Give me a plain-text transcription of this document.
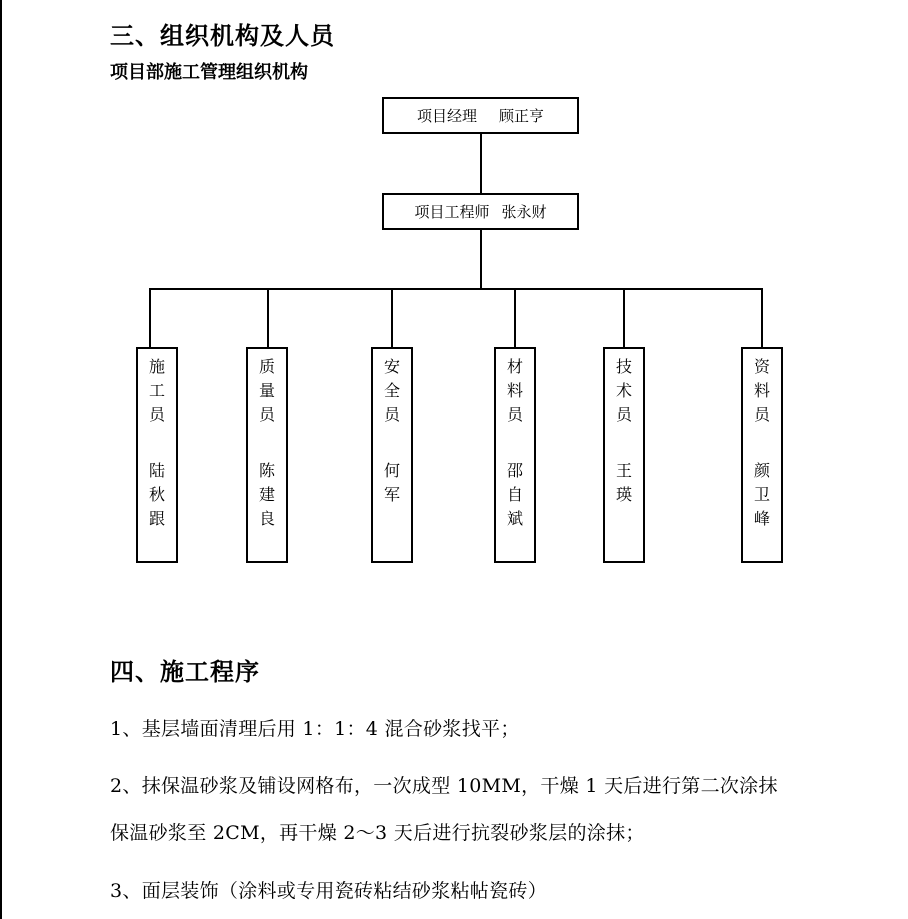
三、组织机构及人员
项目部施工管理组织机构
项目经理 顾正亨
项目工程师 张永财
施工员
陆秋跟
质量员
陈建良
安全员
何军
材料员
邵自斌
技术员
王瑛
资料员
颜卫峰
四、施工程序
1、基层墙面清理后用 1：1：4 混合砂浆找平；
2、抹保温砂浆及铺设网格布，一次成型 10MM，干燥 1 天后进行第二次涂抹
保温砂浆至 2CM，再干燥 2～3 天后进行抗裂砂浆层的涂抹；
3、面层装饰（涂料或专用瓷砖粘结砂浆粘帖瓷砖）
